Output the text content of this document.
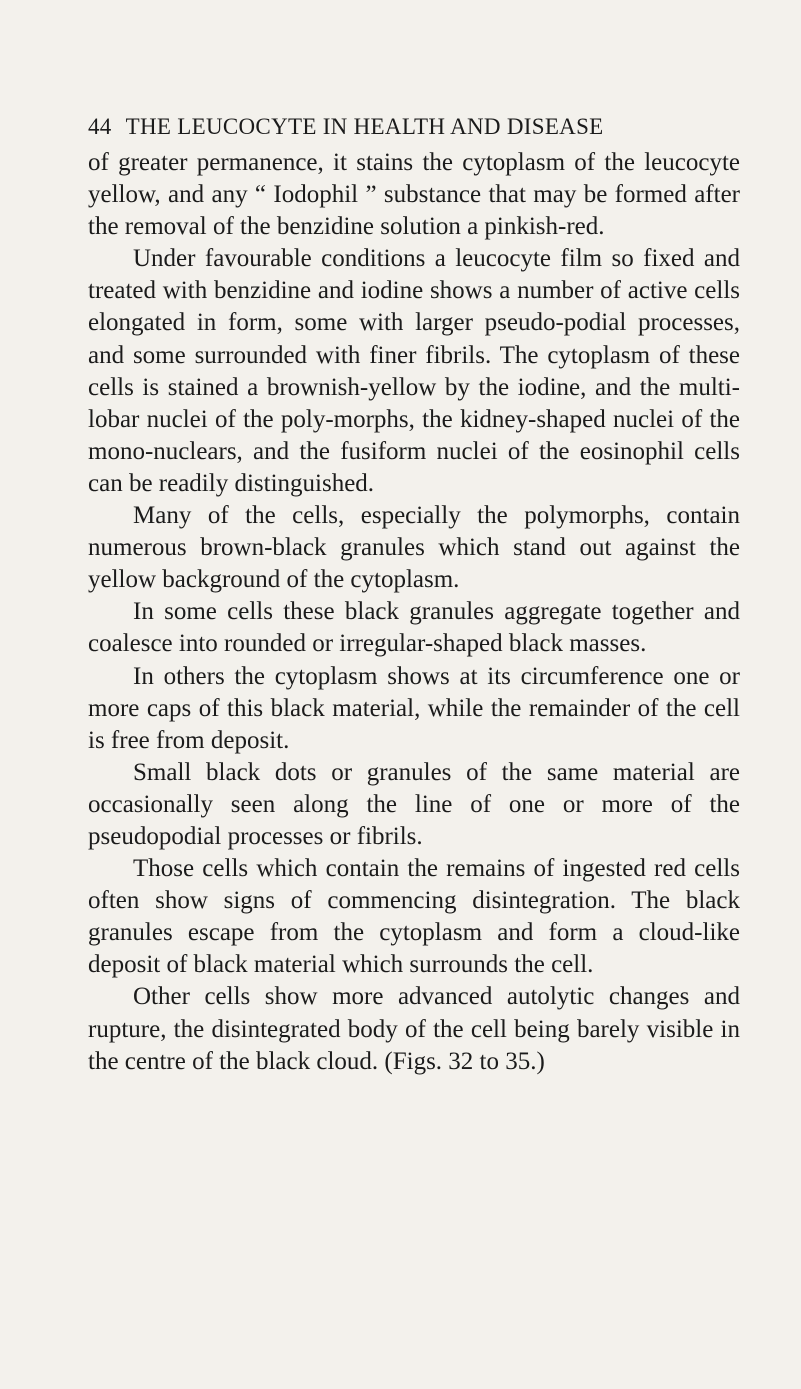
44 THE LEUCOCYTE IN HEALTH AND DISEASE

of greater permanence, it stains the cytoplasm of the leucocyte yellow, and any “ Iodophil ” substance that may be formed after the removal of the benzidine solution a pinkish-red.

Under favourable conditions a leucocyte film so fixed and treated with benzidine and iodine shows a number of active cells elongated in form, some with larger pseudo-podial processes, and some surrounded with finer fibrils. The cytoplasm of these cells is stained a brownish-yellow by the iodine, and the multi-lobar nuclei of the poly-morphs, the kidney-shaped nuclei of the mono-nuclears, and the fusiform nuclei of the eosinophil cells can be readily distinguished.

Many of the cells, especially the polymorphs, contain numerous brown-black granules which stand out against the yellow background of the cytoplasm.

In some cells these black granules aggregate together and coalesce into rounded or irregular-shaped black masses.

In others the cytoplasm shows at its circumference one or more caps of this black material, while the remainder of the cell is free from deposit.

Small black dots or granules of the same material are occasionally seen along the line of one or more of the pseudopodial processes or fibrils.

Those cells which contain the remains of ingested red cells often show signs of commencing disintegration. The black granules escape from the cytoplasm and form a cloud-like deposit of black material which surrounds the cell.

Other cells show more advanced autolytic changes and rupture, the disintegrated body of the cell being barely visible in the centre of the black cloud. (Figs. 32 to 35.)
